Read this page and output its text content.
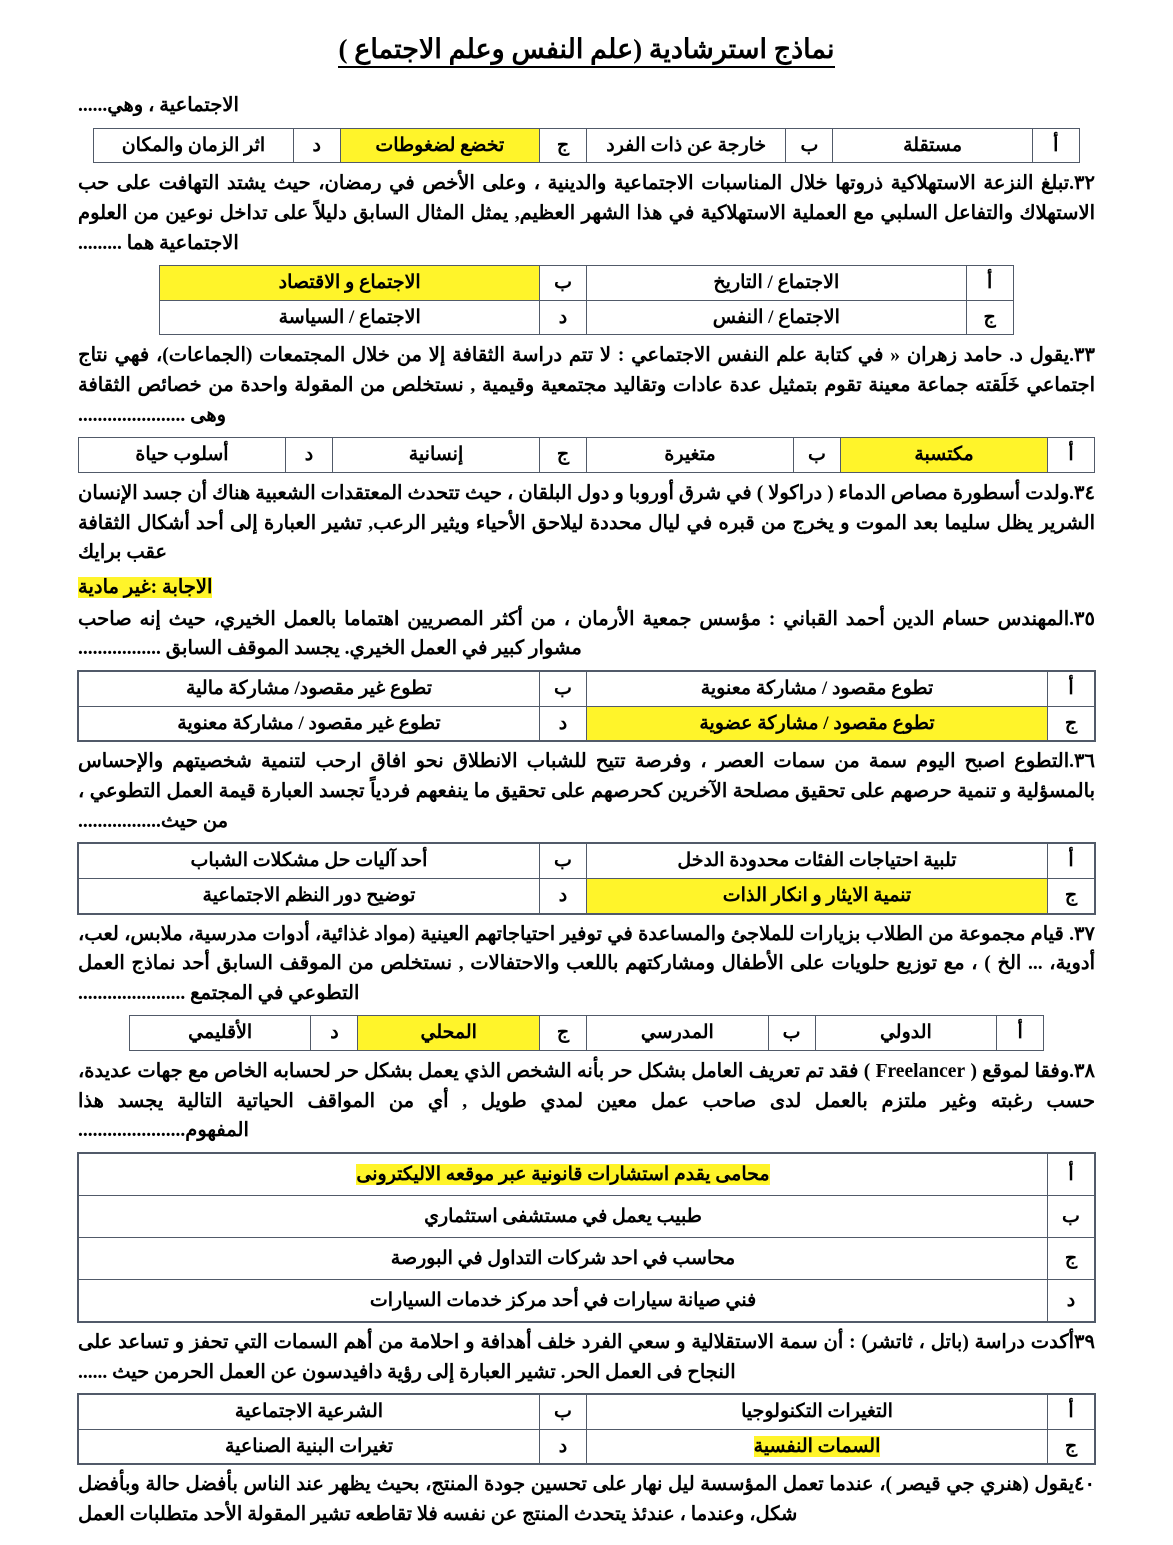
نماذج استرشادية (علم النفس وعلم الاجتماع )
الاجتماعية ، وهي......
أ	مستقلة	ب	خارجة عن ذات الفرد	ج	تخضع لضغوطات	د	اثر الزمان والمكان
٣٢.تبلغ النزعة الاستهلاكية ذروتها خلال المناسبات الاجتماعية والدينية ، وعلى الأخص في رمضان، حيث يشتد التهافت على حب الاستهلاك والتفاعل السلبي مع العملية الاستهلاكية في هذا الشهر العظيم, يمثل المثال السابق دليلاً على تداخل نوعين من العلوم الاجتماعية هما .........
أ	الاجتماع / التاريخ	ب	الاجتماع و الاقتصاد
ج	الاجتماع / النفس	د	الاجتماع / السياسة
٣٣.يقول د. حامد زهران « في كتابة علم النفس الاجتماعي : لا تتم دراسة الثقافة إلا من خلال المجتمعات (الجماعات)، فهي نتاج اجتماعي خَلَقته جماعة معينة تقوم بتمثيل عدة عادات وتقاليد مجتمعية وقيمية , نستخلص من المقولة واحدة من خصائص الثقافة وهى ......................
أ	مكتسبة	ب	متغيرة	ج	إنسانية	د	أسلوب حياة
٣٤.ولدت أسطورة مصاص الدماء ( دراكولا ) في شرق أوروبا و دول البلقان ، حيث تتحدث المعتقدات الشعبية هناك أن جسد الإنسان الشرير يظل سليما بعد الموت و يخرج من قبره في ليال محددة ليلاحق الأحياء ويثير الرعب, تشير العبارة إلى أحد أشكال الثقافة عقب برايك
الاجابة :غير مادية
٣٥.المهندس حسام الدين أحمد القباني : مؤسس جمعية الأرمان ، من أكثر المصريين اهتماما بالعمل الخيري، حيث إنه صاحب مشوار كبير في العمل الخيري. يجسد الموقف السابق .................
أ	تطوع مقصود / مشاركة معنوية	ب	تطوع غير مقصود/ مشاركة مالية
ج	تطوع مقصود / مشاركة عضوية	د	تطوع غير مقصود / مشاركة معنوية
٣٦.التطوع اصبح اليوم سمة من سمات العصر ، وفرصة تتيح للشباب الانطلاق نحو افاق ارحب لتنمية شخصيتهم والإحساس بالمسؤلية و تنمية حرصهم على تحقيق مصلحة الآخرين كحرصهم على تحقيق ما ينفعهم فردياً تجسد العبارة قيمة العمل التطوعي ، من حيث.................
أ	تلبية احتياجات الفئات محدودة الدخل	ب	أحد آليات حل مشكلات الشباب
ج	تنمية الايثار و انكار الذات	د	توضيح دور النظم الاجتماعية
٣٧. قيام مجموعة من الطلاب بزيارات للملاجئ والمساعدة في توفير احتياجاتهم العينية (مواد غذائية، أدوات مدرسية، ملابس، لعب، أدوية، ... الخ ) ، مع توزيع حلويات على الأطفال ومشاركتهم باللعب والاحتفالات , نستخلص من الموقف السابق أحد نماذج العمل التطوعي في المجتمع ......................
أ	الدولي	ب	المدرسي	ج	المحلي	د	الأقليمي
٣٨.وفقا لموقع ( Freelancer ) فقد تم تعريف العامل بشكل حر بأنه الشخص الذي يعمل بشكل حر لحسابه الخاص مع جهات عديدة، حسب رغبته وغير ملتزم بالعمل لدى صاحب عمل معين لمدي طويل , أي من المواقف الحياتية التالية يجسد هذا المفهوم......................
أ	محامى يقدم استشارات قانونية عبر موقعه الاليكترونى
ب	طبيب يعمل في مستشفى استثماري
ج	محاسب في احد شركات التداول في البورصة
د	فني صيانة سيارات في أحد مركز خدمات السيارات
٣٩أكدت دراسة (باتل ، ثاتشر) : أن سمة الاستقلالية و سعي الفرد خلف أهدافة و احلامة من أهم السمات التي تحفز و تساعد على النجاح فى العمل الحر. تشير العبارة إلى رؤية دافيدسون عن العمل الحرمن حيث ......
أ	التغيرات التكنولوجيا	ب	الشرعية الاجتماعية
ج	السمات النفسية	د	تغيرات البنية الصناعية
٤٠يقول (هنري جي قيصر )، عندما تعمل المؤسسة ليل نهار على تحسين جودة المنتج، بحيث يظهر عند الناس بأفضل حالة وبأفضل شكل، وعندما ، عندئذ يتحدث المنتج عن نفسه فلا تقاطعه تشير المقولة الأحد متطلبات العمل
